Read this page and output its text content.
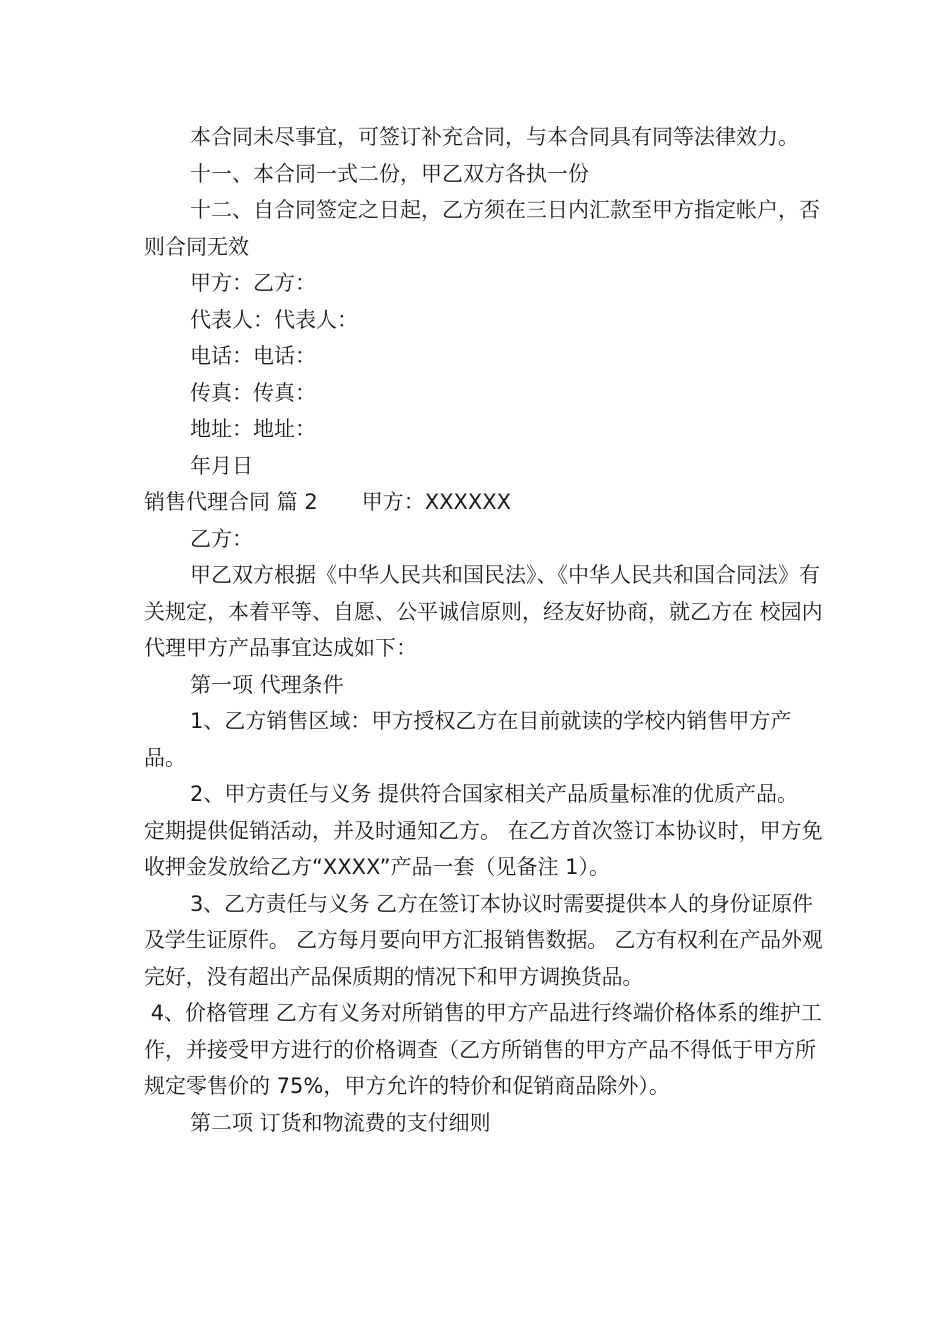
本合同未尽事宜，可签订补充合同，与本合同具有同等法律效力。

十一、本合同一式二份，甲乙双方各执一份

十二、自合同签定之日起，乙方须在三日内汇款至甲方指定帐户，否则合同无效

甲方：乙方：

代表人：代表人：

电话：电话：

传真：传真：

地址：地址：

年月日

销售代理合同 篇 2 甲方：XXXXXX

乙方：

甲乙双方根据《中华人民共和国民法》、《中华人民共和国合同法》有关规定，本着平等、自愿、公平诚信原则，经友好协商，就乙方在 校园内代理甲方产品事宜达成如下：

第一项 代理条件

1、乙方销售区域：甲方授权乙方在目前就读的学校内销售甲方产品。

2、甲方责任与义务 提供符合国家相关产品质量标准的优质产品。 定期提供促销活动，并及时通知乙方。 在乙方首次签订本协议时，甲方免收押金发放给乙方“XXXX”产品一套（见备注 1）。

3、乙方责任与义务 乙方在签订本协议时需要提供本人的身份证原件及学生证原件。 乙方每月要向甲方汇报销售数据。 乙方有权利在产品外观完好，没有超出产品保质期的情况下和甲方调换货品。

4、价格管理 乙方有义务对所销售的甲方产品进行终端价格体系的维护工作，并接受甲方进行的价格调查（乙方所销售的甲方产品不得低于甲方所规定零售价的 75%，甲方允许的特价和促销商品除外）。

第二项 订货和物流费的支付细则
